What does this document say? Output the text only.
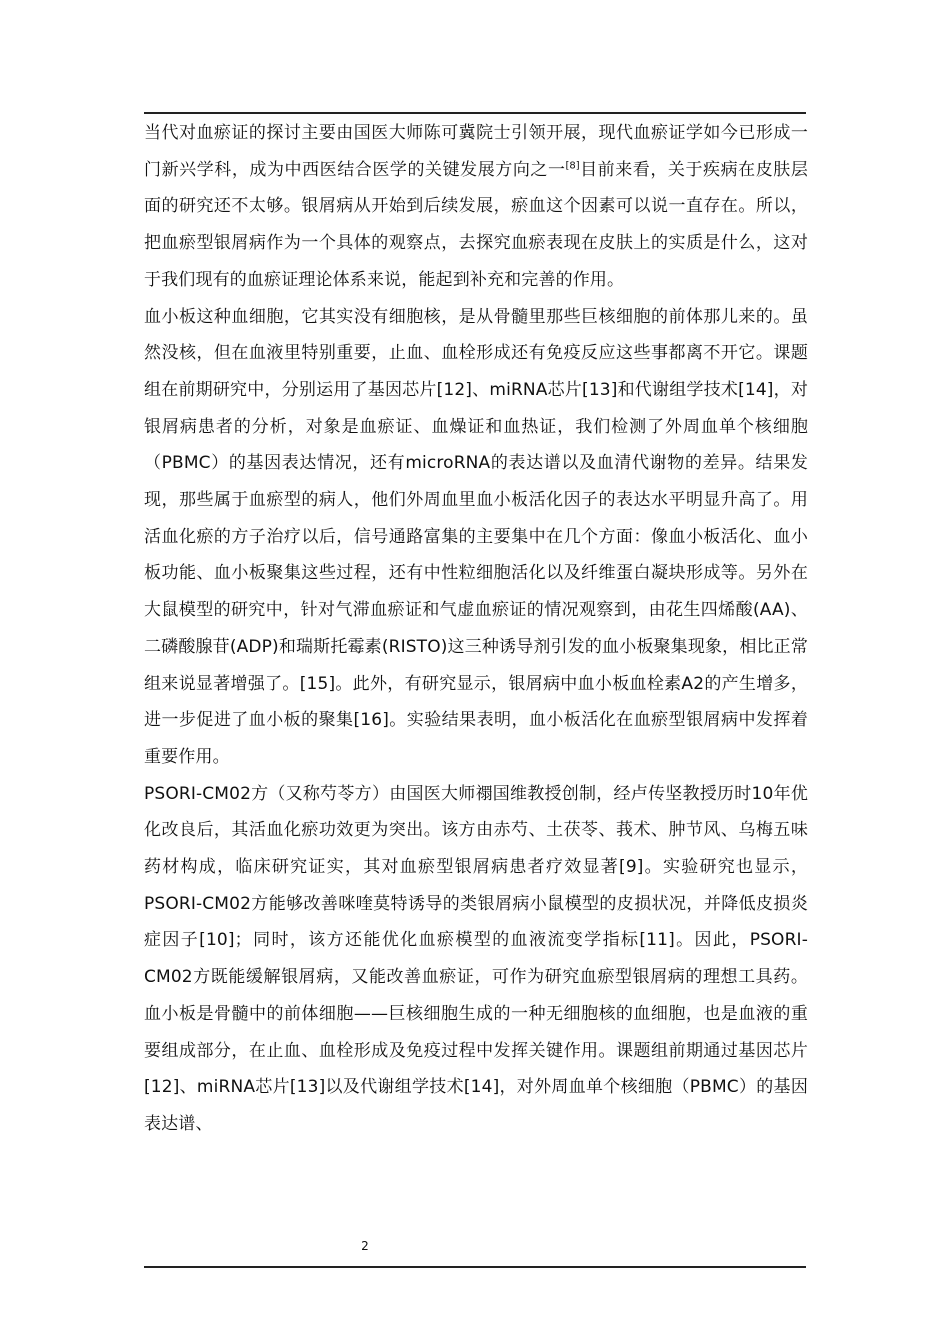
当代对血瘀证的探讨主要由国医大师陈可冀院士引领开展，现代血瘀证学如今已形成一门新兴学科，成为中西医结合医学的关键发展方向之一[8]目前来看，关于疾病在皮肤层面的研究还不太够。银屑病从开始到后续发展，瘀血这个因素可以说一直存在。所以，把血瘀型银屑病作为一个具体的观察点，去探究血瘀表现在皮肤上的实质是什么，这对于我们现有的血瘀证理论体系来说，能起到补充和完善的作用。

血小板这种血细胞，它其实没有细胞核，是从骨髓里那些巨核细胞的前体那儿来的。虽然没核，但在血液里特别重要，止血、血栓形成还有免疫反应这些事都离不开它。课题组在前期研究中，分别运用了基因芯片[12]、miRNA芯片[13]和代谢组学技术[14]，对银屑病患者的分析，对象是血瘀证、血燥证和血热证，我们检测了外周血单个核细胞（PBMC）的基因表达情况，还有microRNA的表达谱以及血清代谢物的差异。结果发现，那些属于血瘀型的病人，他们外周血里血小板活化因子的表达水平明显升高了。用活血化瘀的方子治疗以后，信号通路富集的主要集中在几个方面：像血小板活化、血小板功能、血小板聚集这些过程，还有中性粒细胞活化以及纤维蛋白凝块形成等。另外在大鼠模型的研究中，针对气滞血瘀证和气虚血瘀证的情况观察到，由花生四烯酸(AA)、二磷酸腺苷(ADP)和瑞斯托霉素(RISTO)这三种诱导剂引发的血小板聚集现象，相比正常组来说显著增强了。[15]。此外，有研究显示，银屑病中血小板血栓素A2的产生增多，进一步促进了血小板的聚集[16]。实验结果表明，血小板活化在血瘀型银屑病中发挥着重要作用。

PSORI-CM02方（又称芍苓方）由国医大师禤国维教授创制，经卢传坚教授历时10年优化改良后，其活血化瘀功效更为突出。该方由赤芍、土茯苓、莪术、肿节风、乌梅五味药材构成，临床研究证实，其对血瘀型银屑病患者疗效显著[9]。实验研究也显示，PSORI-CM02方能够改善咪喹莫特诱导的类银屑病小鼠模型的皮损状况，并降低皮损炎症因子[10]；同时，该方还能优化血瘀模型的血液流变学指标[11]。因此，PSORI-CM02方既能缓解银屑病，又能改善血瘀证，可作为研究血瘀型银屑病的理想工具药。血小板是骨髓中的前体细胞——巨核细胞生成的一种无细胞核的血细胞，也是血液的重要组成部分，在止血、血栓形成及免疫过程中发挥关键作用。课题组前期通过基因芯片[12]、miRNA芯片[13]以及代谢组学技术[14]，对外周血单个核细胞（PBMC）的基因表达谱、

2
